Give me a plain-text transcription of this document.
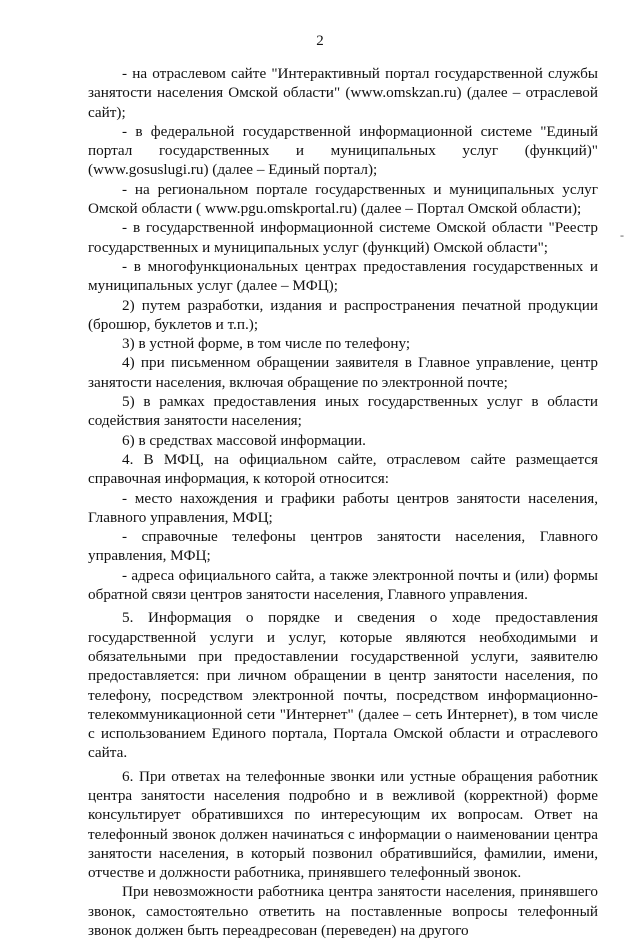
2
-

- на отраслевом сайте "Интерактивный портал государственной службы занятости населения Омской области" (www.omskzan.ru) (далее – отраслевой сайт);

- в федеральной государственной информационной системе "Единый портал государственных и муниципальных услуг (функций)" (www.gosuslugi.ru) (далее – Единый портал);

- на региональном портале государственных и муниципальных услуг Омской области ( www.pgu.omskportal.ru) (далее – Портал Омской области);

- в государственной информационной системе Омской области "Реестр государственных и муниципальных услуг (функций) Омской области";

- в многофункциональных центрах предоставления государственных и муниципальных услуг (далее – МФЦ);

2) путем разработки, издания и распространения печатной продукции (брошюр, буклетов и т.п.);

3) в устной форме, в том числе по телефону;

4) при письменном обращении заявителя в Главное управление, центр занятости населения, включая обращение по электронной почте;

5) в рамках предоставления иных государственных услуг в области содействия занятости населения;

6) в средствах массовой информации.

4. В МФЦ, на официальном сайте, отраслевом сайте размещается справочная информация, к которой относится:

- место нахождения и графики работы центров занятости населения, Главного управления, МФЦ;

- справочные телефоны центров занятости населения, Главного управления, МФЦ;

- адреса официального сайта, а также электронной почты и (или) формы обратной связи центров занятости населения, Главного управления.

5. Информация о порядке и сведения о ходе предоставления государственной услуги и услуг, которые являются необходимыми и обязательными при предоставлении государственной услуги, заявителю предоставляется: при личном обращении в центр занятости населения, по телефону, посредством электронной почты, посредством информационно-телекоммуникационной сети "Интернет" (далее – сеть Интернет), в том числе с использованием Единого портала, Портала Омской области и отраслевого сайта.

6. При ответах на телефонные звонки или устные обращения работник центра занятости населения подробно и в вежливой (корректной) форме консультирует обратившихся по интересующим их вопросам. Ответ на телефонный звонок должен начинаться с информации о наименовании центра занятости населения, в который позвонил обратившийся, фамилии, имени, отчестве и должности работника, принявшего телефонный звонок.

При невозможности работника центра занятости населения, принявшего звонок, самостоятельно ответить на поставленные вопросы телефонный звонок должен быть переадресован (переведен) на другого
